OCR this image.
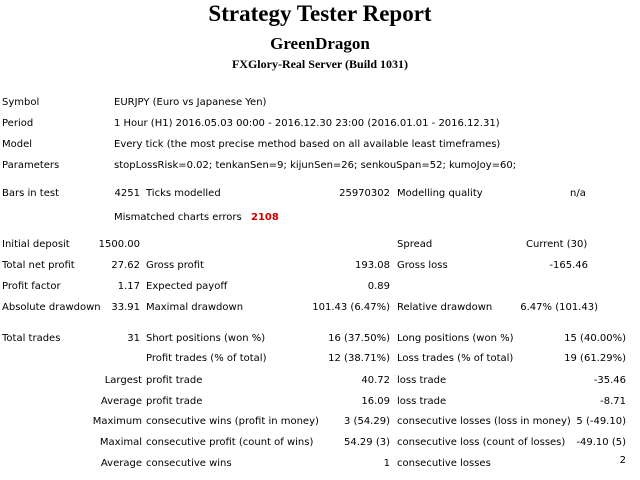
Strategy Tester Report
GreenDragon
FXGlory-Real Server (Build 1031)
Symbol	EURJPY (Euro vs Japanese Yen)
Period	1 Hour (H1) 2016.05.03 00:00 - 2016.12.30 23:00 (2016.01.01 - 2016.12.31)
Model	Every tick (the most precise method based on all available least timeframes)
Parameters	stopLossRisk=0.02; tenkanSen=9; kijunSen=26; senkouSpan=52; kumoJoy=60;
Bars in test	4251 Ticks modelled	25970302 Modelling quality	n/a
Mismatched charts errors 2108
Initial deposit	1500.00	Spread	Current (30)
Total net profit	27.62 Gross profit	193.08 Gross loss	-165.46
Profit factor	1.17 Expected payoff	0.89
Absolute drawdown 33.91 Maximal drawdown	101.43 (6.47%) Relative drawdown	6.47% (101.43)
Total trades	31 Short positions (won %)	16 (37.50%) Long positions (won %)	15 (40.00%)
Profit trades (% of total)	12 (38.71%) Loss trades (% of total)	19 (61.29%)
Largest profit trade	40.72 loss trade	-35.46
Average profit trade	16.09 loss trade	-8.71
Maximum consecutive wins (profit in money)	3 (54.29) consecutive losses (loss in money) 5 (-49.10)
Maximal consecutive profit (count of wins)	54.29 (3) consecutive loss (count of losses) -49.10 (5)
Average consecutive wins	1 consecutive losses	2
